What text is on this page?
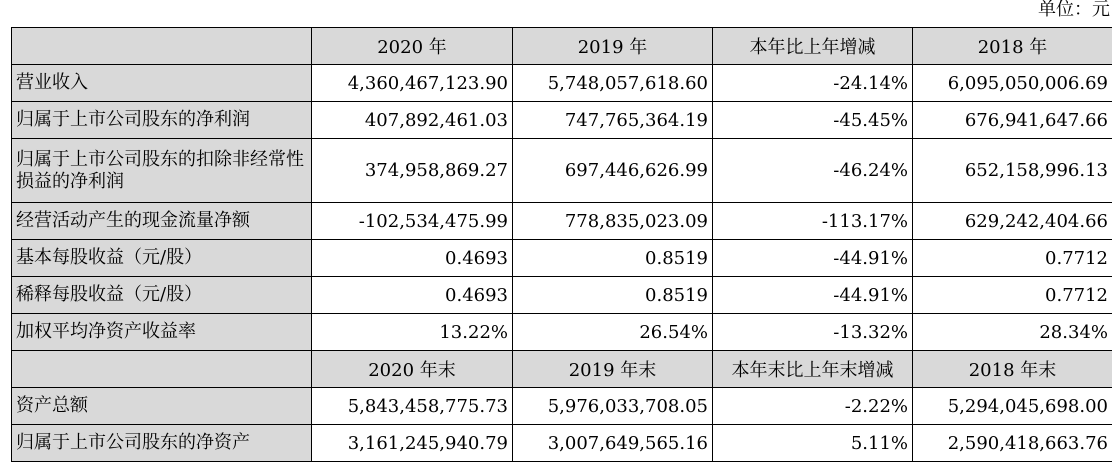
单位：元
	2020 年	2019 年	本年比上年增减	2018 年
营业收入	4,360,467,123.90	5,748,057,618.60	-24.14%	6,095,050,006.69
归属于上市公司股东的净利润	407,892,461.03	747,765,364.19	-45.45%	676,941,647.66
归属于上市公司股东的扣除非经常性损益的净利润	374,958,869.27	697,446,626.99	-46.24%	652,158,996.13
经营活动产生的现金流量净额	-102,534,475.99	778,835,023.09	-113.17%	629,242,404.66
基本每股收益（元/股）	0.4693	0.8519	-44.91%	0.7712
稀释每股收益（元/股）	0.4693	0.8519	-44.91%	0.7712
加权平均净资产收益率	13.22%	26.54%	-13.32%	28.34%
	2020 年末	2019 年末	本年末比上年末增减	2018 年末
资产总额	5,843,458,775.73	5,976,033,708.05	-2.22%	5,294,045,698.00
归属于上市公司股东的净资产	3,161,245,940.79	3,007,649,565.16	5.11%	2,590,418,663.76
